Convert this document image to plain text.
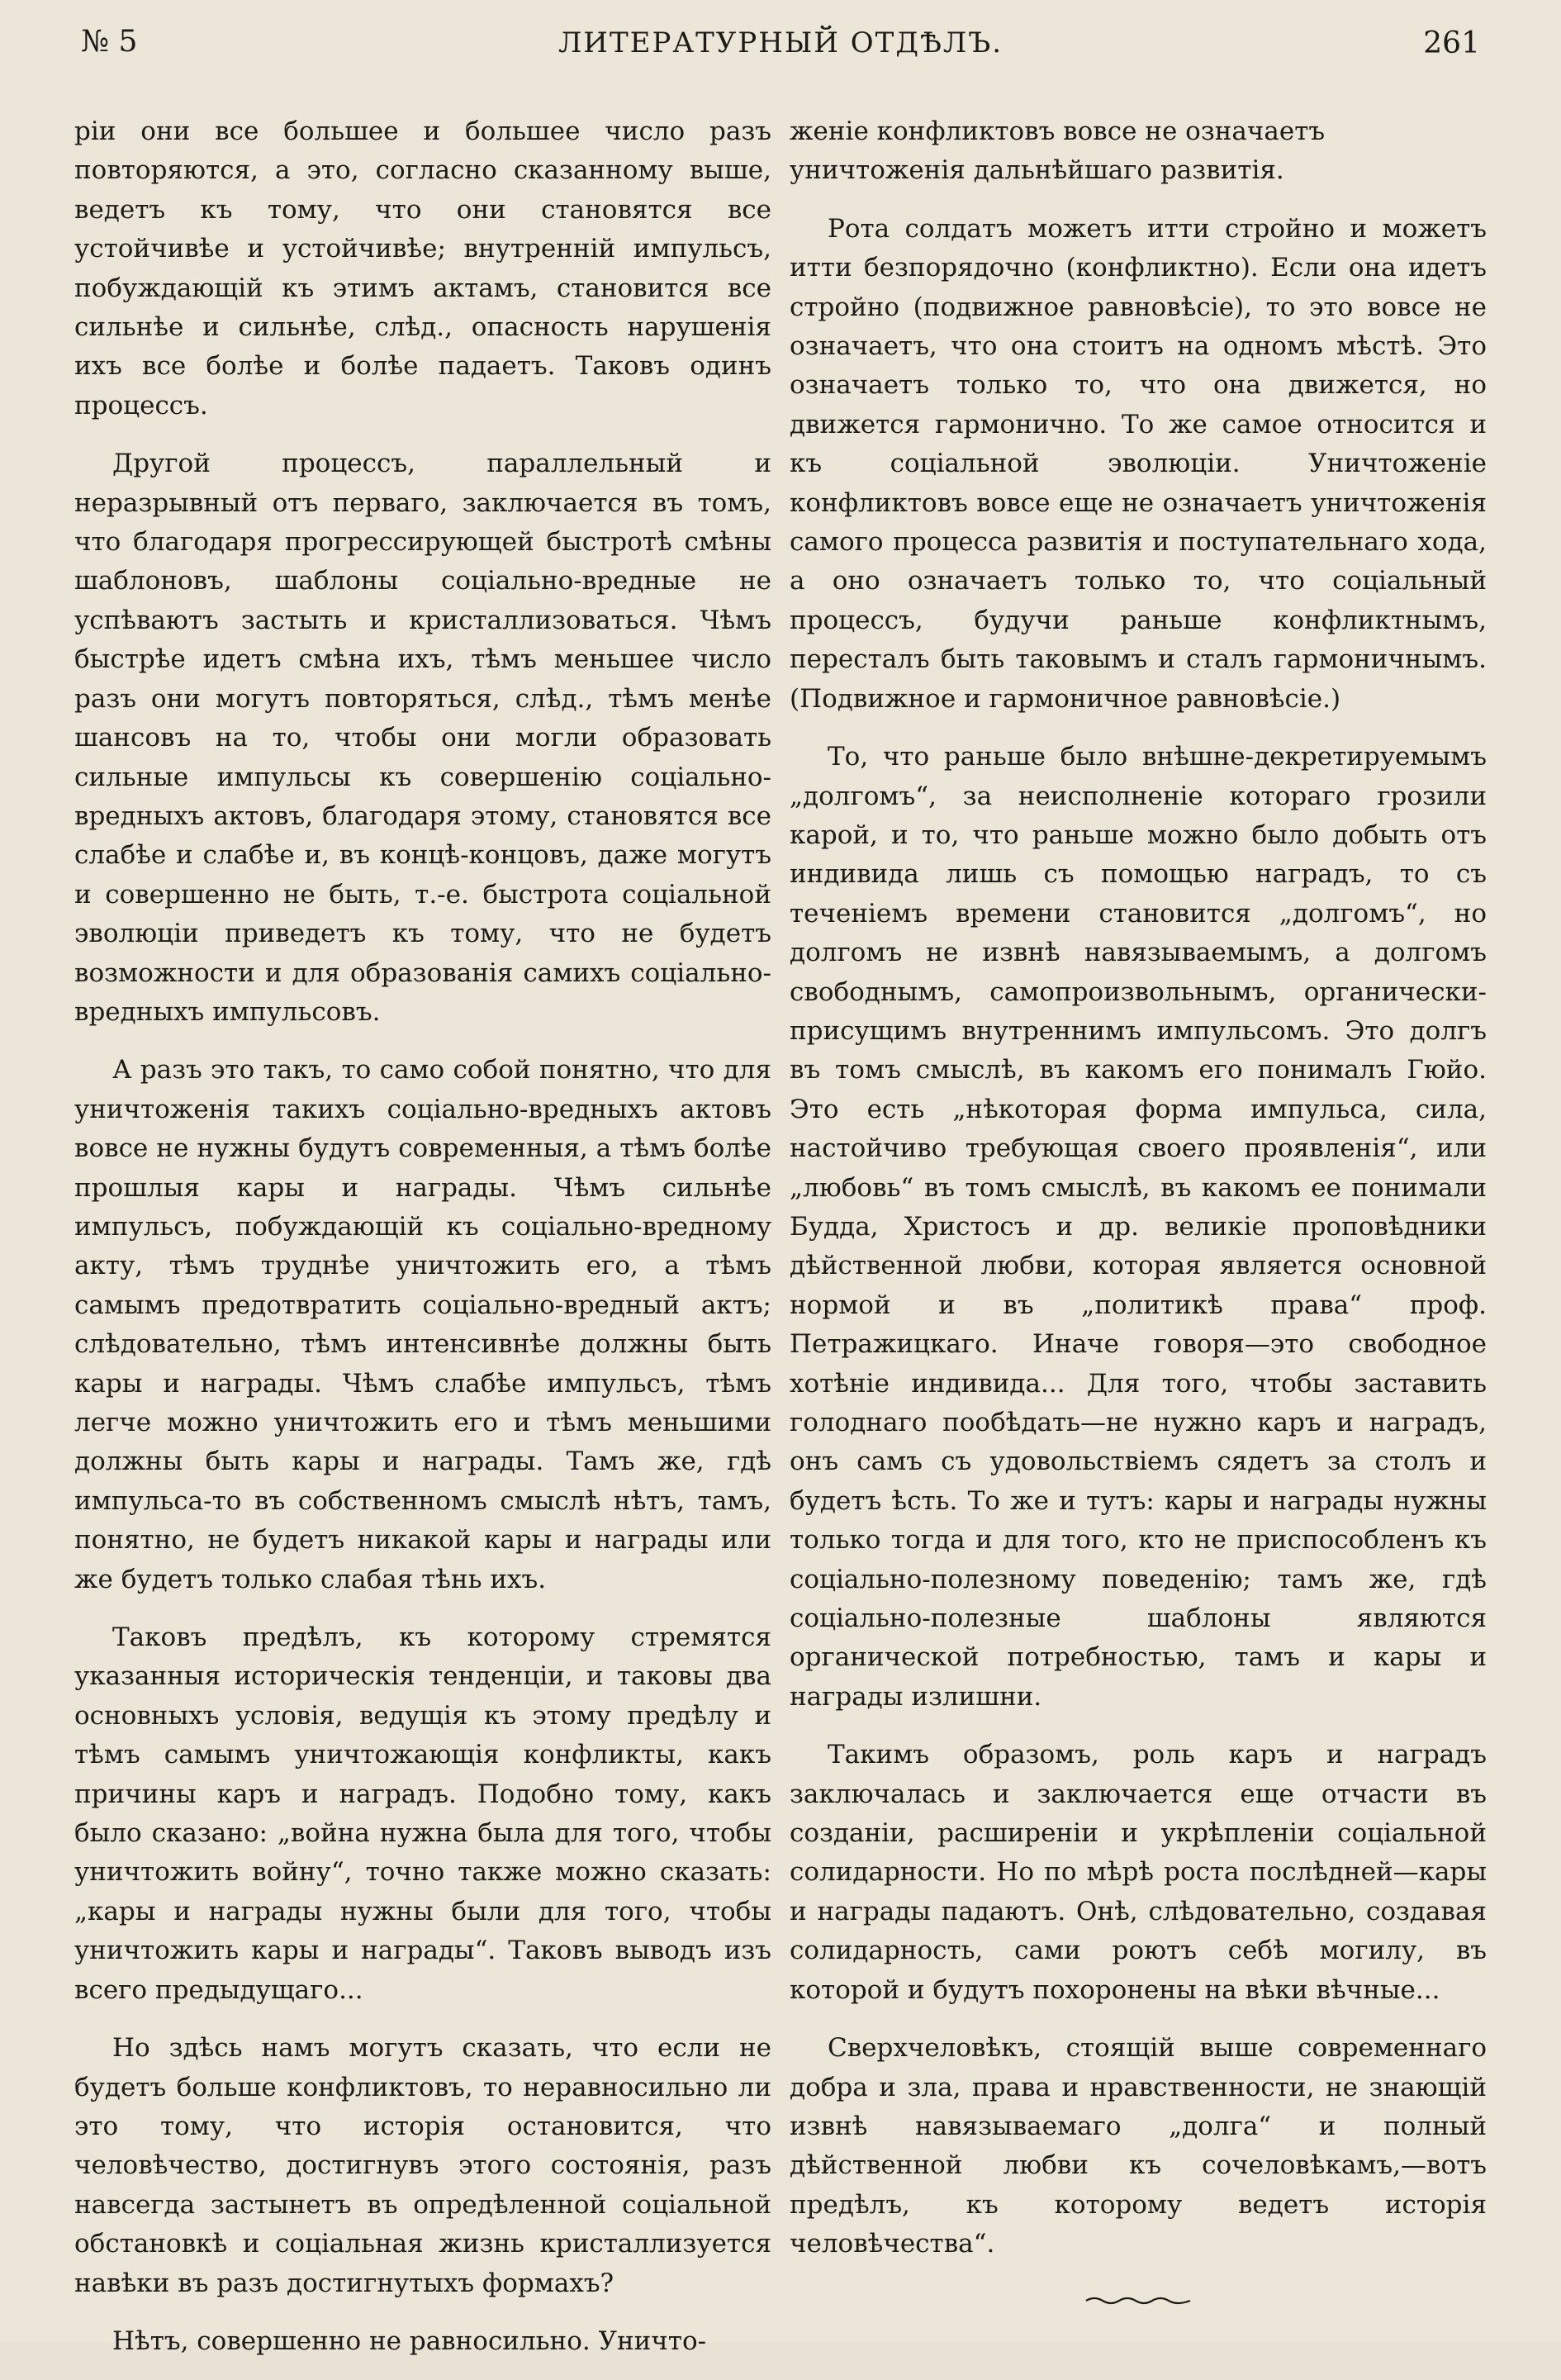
№ 5	ЛИТЕРАТУРНЫЙ ОТДѢЛЪ.	261

ріи они все большее и большее число разъ повторяются, а это, согласно сказанному выше, ведетъ къ тому, что они становятся все устойчивѣе и устойчивѣе; внутренній импульсъ, побуждающій къ этимъ актамъ, становится все сильнѣе и сильнѣе, слѣд., опасность нарушенія ихъ все болѣе и болѣе падаетъ. Таковъ одинъ процессъ.

Другой процессъ, параллельный и неразрывный отъ перваго, заключается въ томъ, что благодаря прогрессирующей быстротѣ смѣны шаблоновъ, шаблоны соціально-вредные не успѣваютъ застыть и кристаллизоваться. Чѣмъ быстрѣе идетъ смѣна ихъ, тѣмъ меньшее число разъ они могутъ повторяться, слѣд., тѣмъ менѣе шансовъ на то, чтобы они могли образовать сильные импульсы къ совершенію соціально-вредныхъ актовъ, благодаря этому, становятся все слабѣе и слабѣе и, въ концѣ-концовъ, даже могутъ и совершенно не быть, т.-е. быстрота соціальной эволюціи приведетъ къ тому, что не будетъ возможности и для образованія самихъ соціально-вредныхъ импульсовъ.

А разъ это такъ, то само собой понятно, что для уничтоженія такихъ соціально-вредныхъ актовъ вовсе не нужны будутъ современныя, а тѣмъ болѣе прошлыя кары и награды. Чѣмъ сильнѣе импульсъ, побуждающій къ соціально-вредному акту, тѣмъ труднѣе уничтожить его, а тѣмъ самымъ предотвратить соціально-вредный актъ; слѣдовательно, тѣмъ интенсивнѣе должны быть кары и награды. Чѣмъ слабѣе импульсъ, тѣмъ легче можно уничтожить его и тѣмъ меньшими должны быть кары и награды. Тамъ же, гдѣ импульса-то въ собственномъ смыслѣ нѣтъ, тамъ, понятно, не будетъ никакой кары и награды или же будетъ только слабая тѣнь ихъ.

Таковъ предѣлъ, къ которому стремятся указанныя историческія тенденціи, и таковы два основныхъ условія, ведущія къ этому предѣлу и тѣмъ самымъ уничтожающія конфликты, какъ причины каръ и наградъ. Подобно тому, какъ было сказано: „война нужна была для того, чтобы уничтожить войну“, точно также можно сказать: „кары и награды нужны были для того, чтобы уничтожить кары и награды“. Таковъ выводъ изъ всего предыдущаго...

Но здѣсь намъ могутъ сказать, что если не будетъ больше конфликтовъ, то неравносильно ли это тому, что исторія остановится, что человѣчество, достигнувъ этого состоянія, разъ навсегда застынетъ въ опредѣленной соціальной обстановкѣ и соціальная жизнь кристаллизуется навѣки въ разъ достигнутыхъ формахъ?

Нѣтъ, совершенно не равносильно. Уничто-

женіе конфликтовъ вовсе не означаетъ уничтоженія дальнѣйшаго развитія.

Рота солдатъ можетъ итти стройно и можетъ итти безпорядочно (конфликтно). Если она идетъ стройно (подвижное равновѣсіе), то это вовсе не означаетъ, что она стоитъ на одномъ мѣстѣ. Это означаетъ только то, что она движется, но движется гармонично. То же самое относится и къ соціальной эволюціи. Уничтоженіе конфликтовъ вовсе еще не означаетъ уничтоженія самого процесса развитія и поступательнаго хода, а оно означаетъ только то, что соціальный процессъ, будучи раньше конфликтнымъ, пересталъ быть таковымъ и сталъ гармоничнымъ. (Подвижное и гармоничное равновѣсіе.)

То, что раньше было внѣшне-декретируемымъ „долгомъ“, за неисполненіе котораго грозили карой, и то, что раньше можно было добыть отъ индивида лишь съ помощью наградъ, то съ теченіемъ времени становится „долгомъ“, но долгомъ не извнѣ навязываемымъ, а долгомъ свободнымъ, самопроизвольнымъ, органически-присущимъ внутреннимъ импульсомъ. Это долгъ въ томъ смыслѣ, въ какомъ его понималъ Гюйо. Это есть „нѣкоторая форма импульса, сила, настойчиво требующая своего проявленія“, или „любовь“ въ томъ смыслѣ, въ какомъ ее понимали Будда, Христосъ и др. великіе проповѣдники дѣйственной любви, которая является основной нормой и въ „политикѣ права“ проф. Петражицкаго. Иначе говоря—это свободное хотѣніе индивида... Для того, чтобы заставить голоднаго пообѣдать—не нужно каръ и наградъ, онъ самъ съ удовольствіемъ сядетъ за столъ и будетъ ѣсть. То же и тутъ: кары и награды нужны только тогда и для того, кто не приспособленъ къ соціально-полезному поведенію; тамъ же, гдѣ соціально-полезные шаблоны являются органической потребностью, тамъ и кары и награды излишни.

Такимъ образомъ, роль каръ и наградъ заключалась и заключается еще отчасти въ созданіи, расширеніи и укрѣпленіи соціальной солидарности. Но по мѣрѣ роста послѣдней—кары и награды падаютъ. Онѣ, слѣдовательно, создавая солидарность, сами роютъ себѣ могилу, въ которой и будутъ похоронены на вѣки вѣчные...

Сверхчеловѣкъ, стоящій выше современнаго добра и зла, права и нравственности, не знающій извнѣ навязываемаго „долга“ и полный дѣйственной любви къ сочеловѣкамъ,—вотъ предѣлъ, къ которому ведетъ исторія человѣчества“.
